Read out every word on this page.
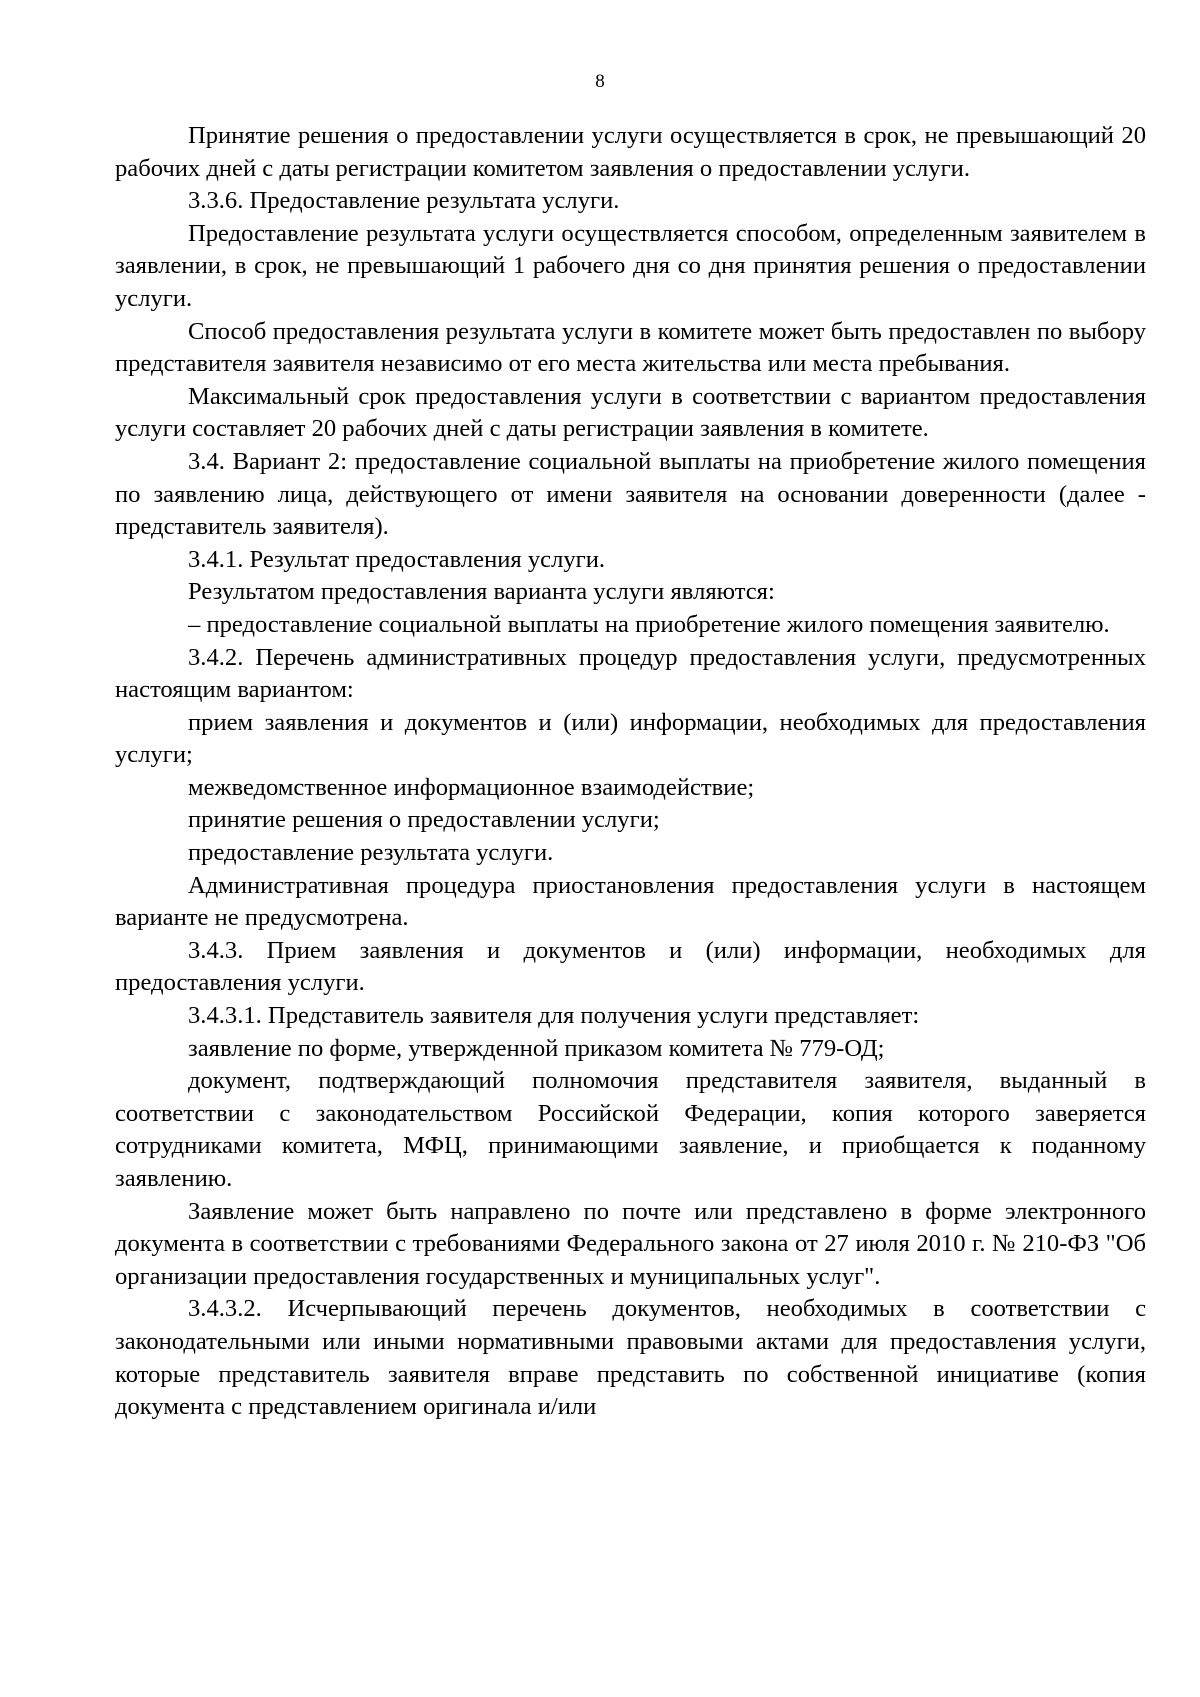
8

Принятие решения о предоставлении услуги осуществляется в срок, не превышающий 20 рабочих дней с даты регистрации комитетом заявления о предоставлении услуги.

3.3.6. Предоставление результата услуги.

Предоставление результата услуги осуществляется способом, определенным заявителем в заявлении, в срок, не превышающий 1 рабочего дня со дня принятия решения о предоставлении услуги.

Способ предоставления результата услуги в комитете может быть предоставлен по выбору представителя заявителя независимо от его места жительства или места пребывания.

Максимальный срок предоставления услуги в соответствии с вариантом предоставления услуги составляет 20 рабочих дней с даты регистрации заявления в комитете.

3.4. Вариант 2: предоставление социальной выплаты на приобретение жилого помещения по заявлению лица, действующего от имени заявителя на основании доверенности (далее - представитель заявителя).

3.4.1. Результат предоставления услуги.

Результатом предоставления варианта услуги являются:

– предоставление социальной выплаты на приобретение жилого помещения заявителю.

3.4.2. Перечень административных процедур предоставления услуги, предусмотренных настоящим вариантом:

прием заявления и документов и (или) информации, необходимых для предоставления услуги;

межведомственное информационное взаимодействие;

принятие решения о предоставлении услуги;

предоставление результата услуги.

Административная процедура приостановления предоставления услуги в настоящем варианте не предусмотрена.

3.4.3. Прием заявления и документов и (или) информации, необходимых для предоставления услуги.

3.4.3.1. Представитель заявителя для получения услуги представляет:

заявление по форме, утвержденной приказом комитета № 779-ОД;

документ, подтверждающий полномочия представителя заявителя, выданный в соответствии с законодательством Российской Федерации, копия которого заверяется сотрудниками комитета, МФЦ, принимающими заявление, и приобщается к поданному заявлению.

Заявление может быть направлено по почте или представлено в форме электронного документа в соответствии с требованиями Федерального закона от 27 июля 2010 г. № 210-ФЗ "Об организации предоставления государственных и муниципальных услуг".

3.4.3.2. Исчерпывающий перечень документов, необходимых в соответствии с законодательными или иными нормативными правовыми актами для предоставления услуги, которые представитель заявителя вправе представить по собственной инициативе (копия документа с представлением оригинала и/или
